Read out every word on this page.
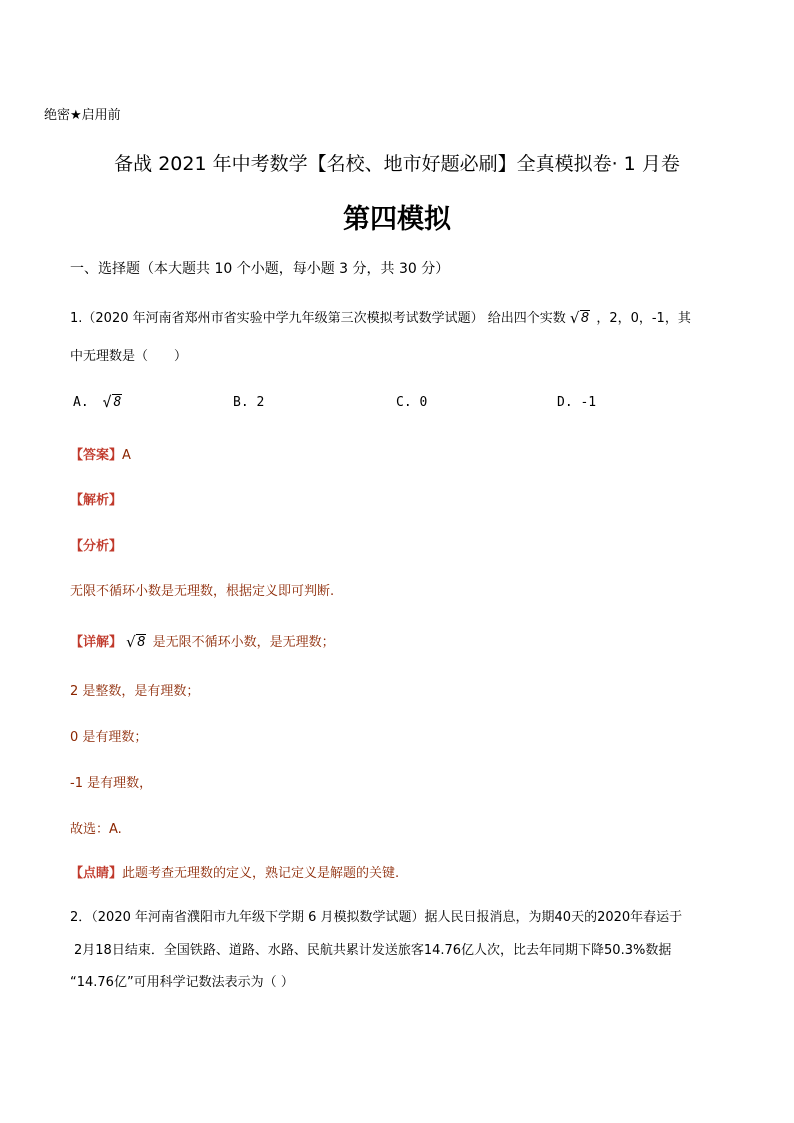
绝密★启用前
备战 2021 年中考数学【名校、地市好题必刷】全真模拟卷· 1 月卷
第四模拟
一、选择题（本大题共 10 个小题，每小题 3 分，共 30 分）
1.（2020 年河南省郑州市省实验中学九年级第三次模拟考试数学试题） 给出四个实数 √ 8 ，2，0，-1，其
中无理数是（　　）
A. √ 8	B. 2	C. 0	D. -1
【答案】A
【解析】
【分析】
无限不循环小数是无理数，根据定义即可判断.
【详解】 √ 8 是无限不循环小数，是无理数；
2 是整数，是有理数；
0 是有理数；
-1 是有理数，
故选：A.
【点睛】此题考查无理数的定义，熟记定义是解题的关键.
2．（2020 年河南省濮阳市九年级下学期 6 月模拟数学试题）据人民日报消息，为期40天的2020年春运于
2月18日结束．全国铁路、道路、水路、民航共累计发送旅客14.76亿人次，比去年同期下降50.3%数据
“14.76亿”可用科学记数法表示为（ ）
